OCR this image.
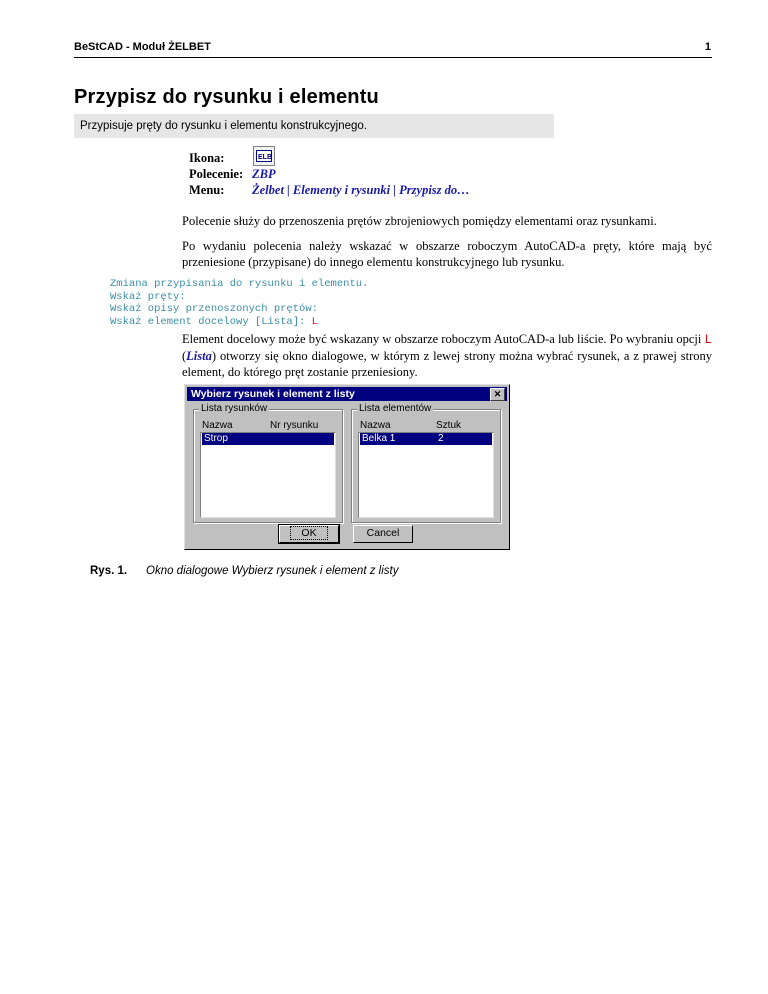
BeStCAD - Moduł ŻELBET	1
Przypisz do rysunku i elementu
Przypisuje pręty do rysunku i elementu konstrukcyjnego.
Ikona:	ELB
Polecenie: ZBP
Menu: Żelbet | Elementy i rysunki | Przypisz do…
Polecenie służy do przenoszenia prętów zbrojeniowych pomiędzy elementami oraz rysunkami.
Po wydaniu polecenia należy wskazać w obszarze roboczym AutoCAD-a pręty, które mają być przeniesione (przypisane) do innego elementu konstrukcyjnego lub rysunku.
Zmiana przypisania do rysunku i elementu.
Wskaż pręty:
Wskaż opisy przenoszonych prętów:
Wskaż element docelowy [Lista]: L
Element docelowy może być wskazany w obszarze roboczym AutoCAD-a lub liście. Po wybraniu opcji L (Lista) otworzy się okno dialogowe, w którym z lewej strony można wybrać rysunek, a z prawej strony element, do którego pręt zostanie przeniesiony.
Wybierz rysunek i element z listy	✕
Lista rysunków
Nazwa	Nr rysunku
Strop
Lista elementów
Nazwa	Sztuk
Belka 1	2
OK	Cancel
Rys. 1. Okno dialogowe Wybierz rysunek i element z listy
